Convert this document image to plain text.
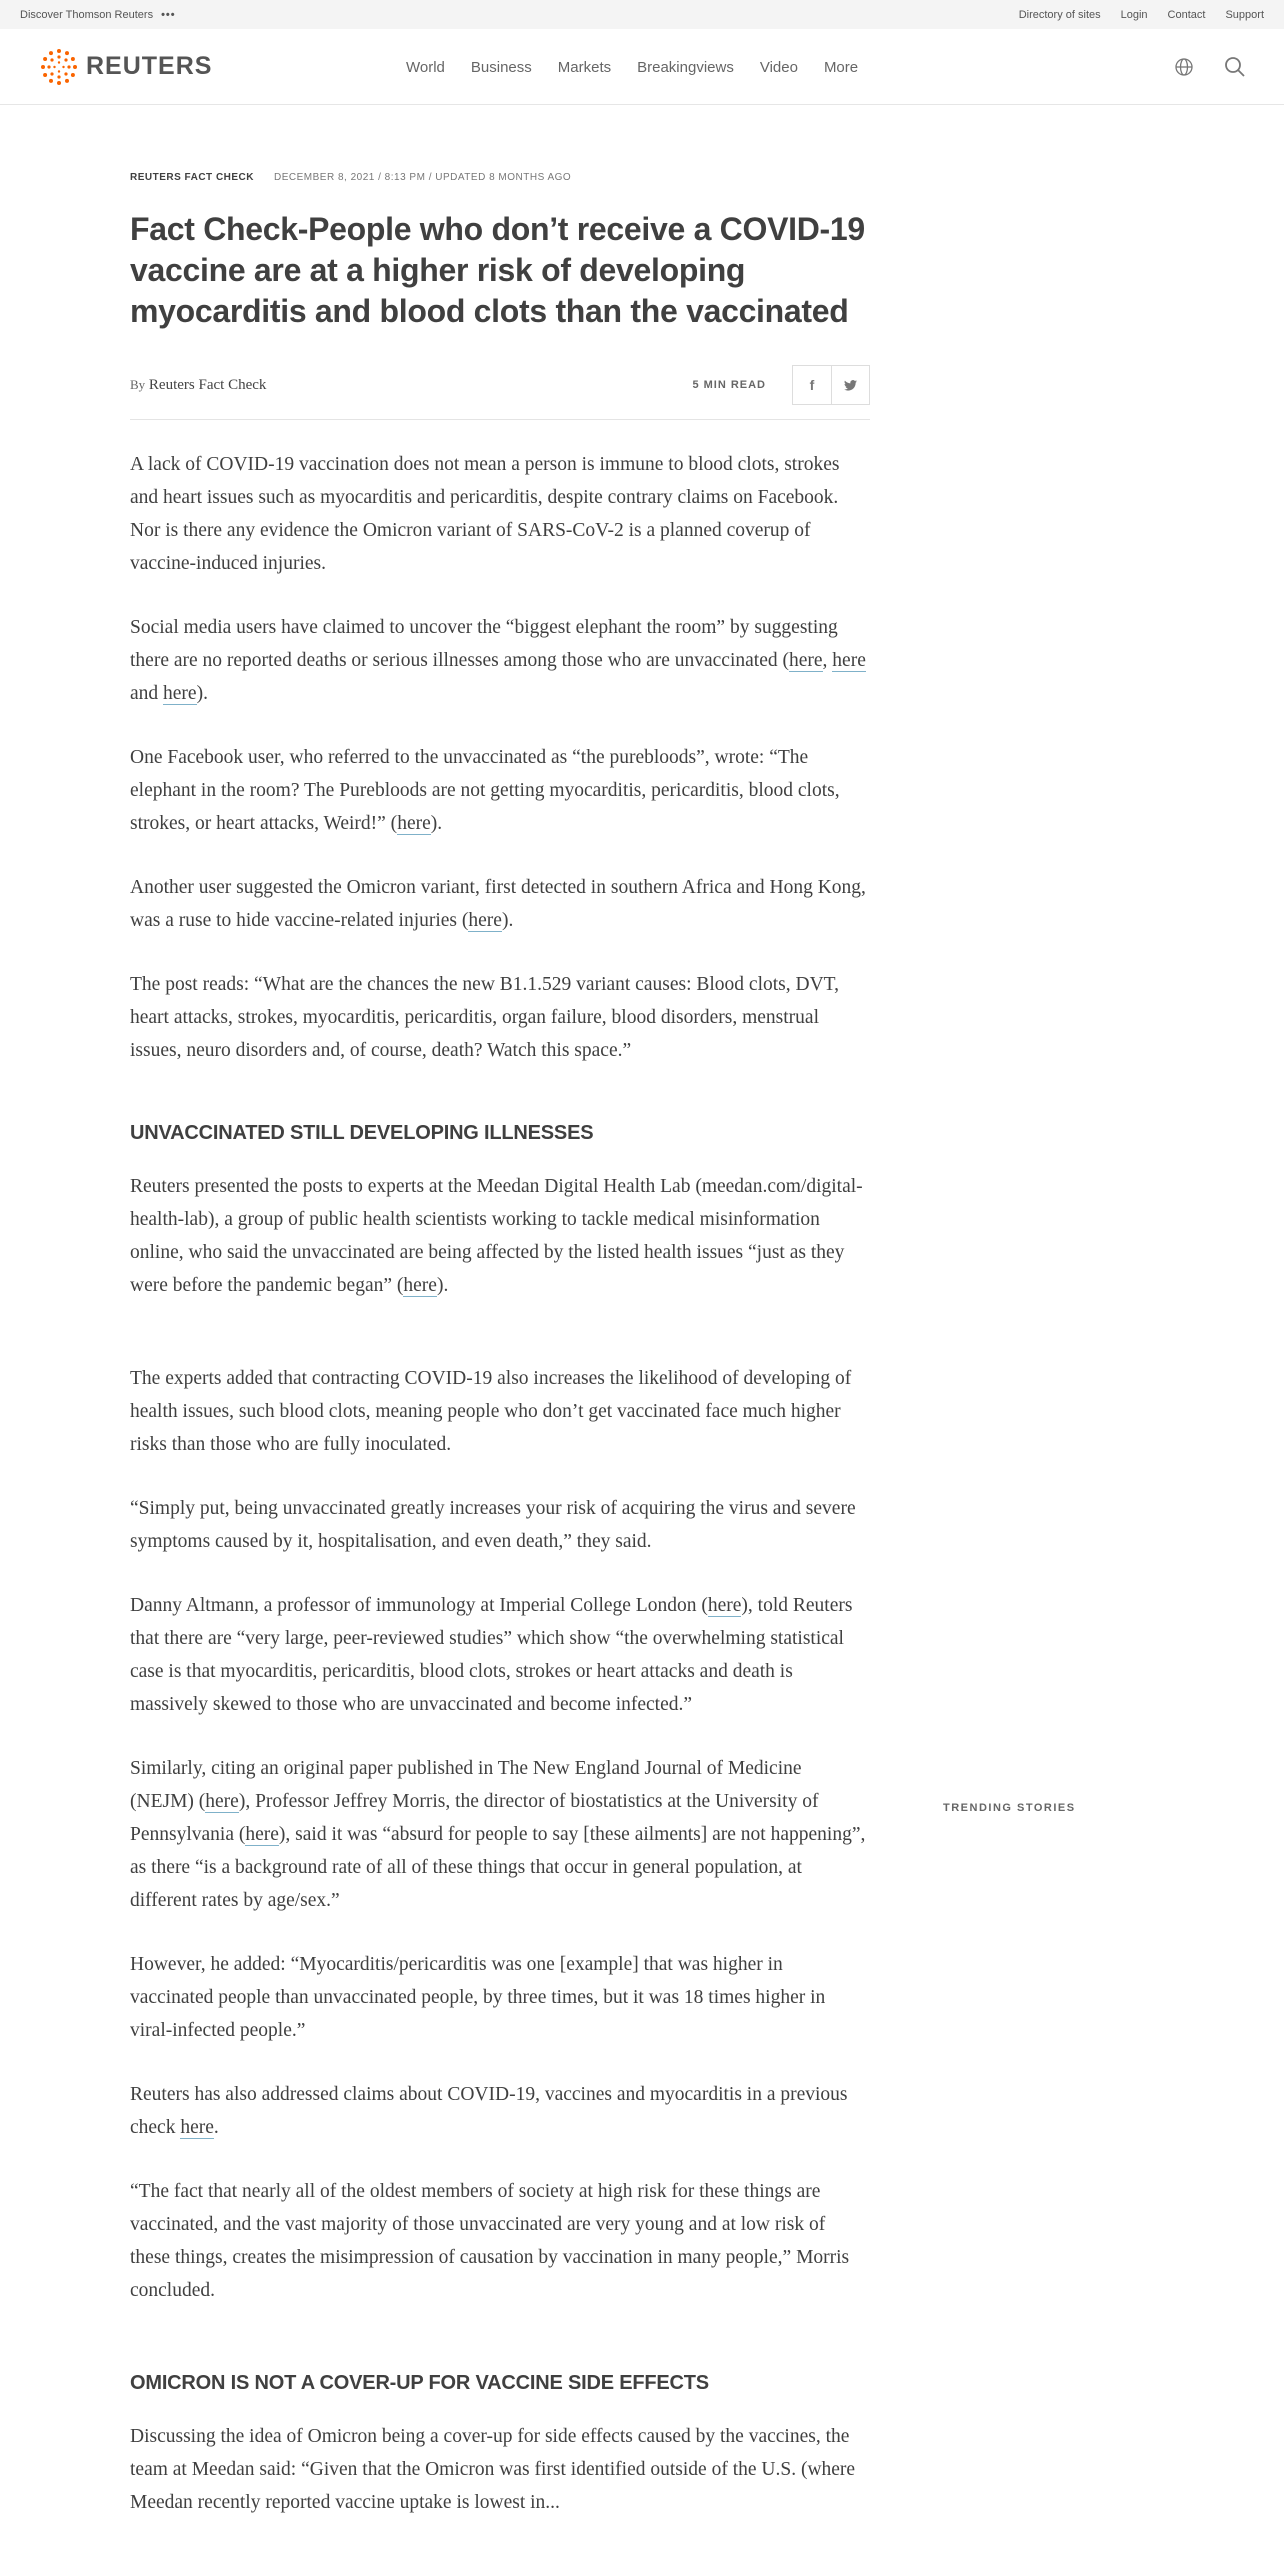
Discover Thomson Reuters •••	Directory of sites Login Contact Support
REUTERS	World Business Markets Breakingviews Video More
REUTERS FACT CHECK DECEMBER 8, 2021 / 8:13 PM / UPDATED 8 MONTHS AGO
Fact Check-People who don’t receive a COVID-19 vaccine are at a higher risk of developing myocarditis and blood clots than the vaccinated
By Reuters Fact Check	5 MIN READ	f

A lack of COVID-19 vaccination does not mean a person is immune to blood clots, strokes and heart issues such as myocarditis and pericarditis, despite contrary claims on Facebook. Nor is there any evidence the Omicron variant of SARS-CoV-2 is a planned coverup of vaccine-induced injuries.

Social media users have claimed to uncover the “biggest elephant the room” by suggesting there are no reported deaths or serious illnesses among those who are unvaccinated (here, here and here).

One Facebook user, who referred to the unvaccinated as “the purebloods”, wrote: “The elephant in the room? The Purebloods are not getting myocarditis, pericarditis, blood clots, strokes, or heart attacks, Weird!” (here).

Another user suggested the Omicron variant, first detected in southern Africa and Hong Kong, was a ruse to hide vaccine-related injuries (here).

The post reads: “What are the chances the new B1.1.529 variant causes: Blood clots, DVT, heart attacks, strokes, myocarditis, pericarditis, organ failure, blood disorders, menstrual issues, neuro disorders and, of course, death? Watch this space.”

UNVACCINATED STILL DEVELOPING ILLNESSES

Reuters presented the posts to experts at the Meedan Digital Health Lab (meedan.com/digital-health-lab), a group of public health scientists working to tackle medical misinformation online, who said the unvaccinated are being affected by the listed health issues “just as they were before the pandemic began” (here).

The experts added that contracting COVID-19 also increases the likelihood of developing of health issues, such blood clots, meaning people who don’t get vaccinated face much higher risks than those who are fully inoculated.

“Simply put, being unvaccinated greatly increases your risk of acquiring the virus and severe symptoms caused by it, hospitalisation, and even death,” they said.

Danny Altmann, a professor of immunology at Imperial College London (here), told Reuters that there are “very large, peer-reviewed studies” which show “the overwhelming statistical case is that myocarditis, pericarditis, blood clots, strokes or heart attacks and death is massively skewed to those who are unvaccinated and become infected.”

Similarly, citing an original paper published in The New England Journal of Medicine (NEJM) (here), Professor Jeffrey Morris, the director of biostatistics at the University of Pennsylvania (here), said it was “absurd for people to say [these ailments] are not happening”, as there “is a background rate of all of these things that occur in general population, at different rates by age/sex.”

However, he added: “Myocarditis/pericarditis was one [example] that was higher in vaccinated people than unvaccinated people, by three times, but it was 18 times higher in viral-infected people.”

Reuters has also addressed claims about COVID-19, vaccines and myocarditis in a previous check here.

“The fact that nearly all of the oldest members of society at high risk for these things are vaccinated, and the vast majority of those unvaccinated are very young and at low risk of these things, creates the misimpression of causation by vaccination in many people,” Morris concluded.

OMICRON IS NOT A COVER-UP FOR VACCINE SIDE EFFECTS

Discussing the idea of Omicron being a cover-up for side effects caused by the vaccines, the team at Meedan said: “Given that the Omicron was first identified outside of the U.S. (where Meedan recently reported vaccine uptake is lowest in...

TRENDING STORIES
